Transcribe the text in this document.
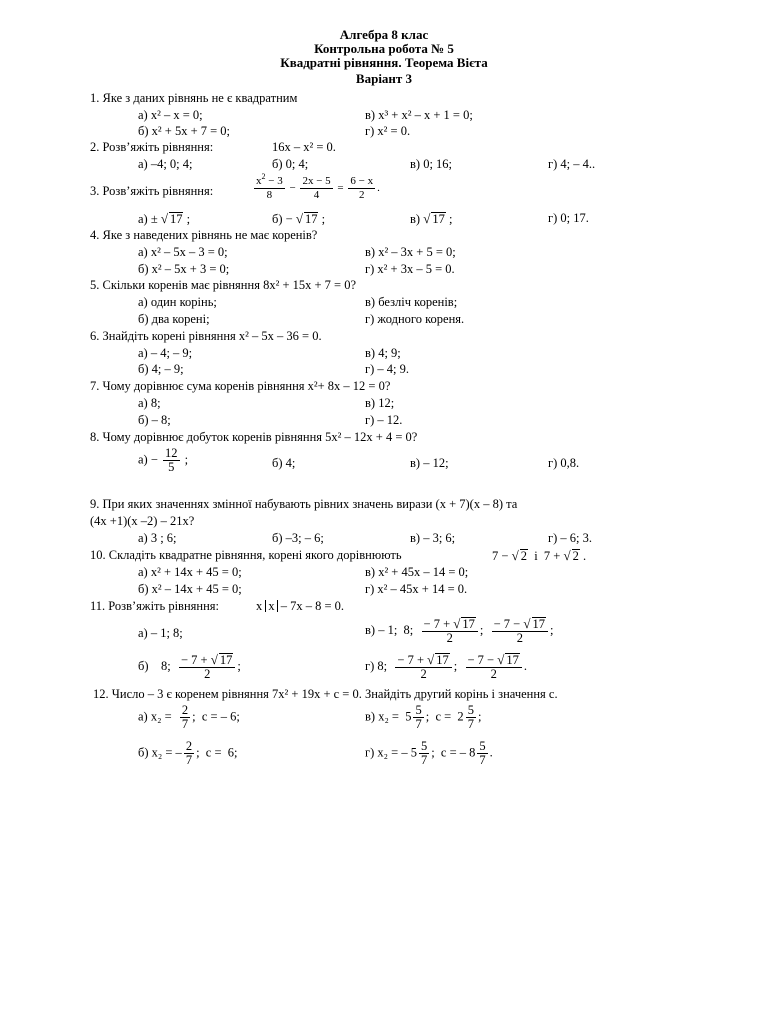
Алгебра 8 клас
Контрольна робота № 5
Квадратні рівняння. Теорема Вієта
Варіант 3
1. Яке з даних рівнянь не є квадратним
а) x² – x = 0;	в) x³ + x² – x + 1 = 0;
б) x² + 5x + 7 = 0;	г) x² = 0.
2. Розв’яжіть рівняння:	16x – x² = 0.
а) –4; 0; 4;	б) 0; 4;	в) 0; 16;	г) 4; – 4..
3. Розв’яжіть рівняння:	$\frac{x^2 - 3}{8} - \frac{2x - 5}{4} = \frac{6 - x}{2}$ .
а) ± √ 17 ;	б) − √ 17 ;	в) √ 17 ;	г) 0; 17.
4. Яке з наведених рівнянь не має коренів?
а) x² – 5x – 3 = 0;	в) x² – 3x + 5 = 0;
б) x² – 5x + 3 = 0;	г) x² + 3x – 5 = 0.
5. Скільки коренів має рівняння 8x² + 15x + 7 = 0?
а) один корінь;	в) безліч коренів;
б) два корені;	г) жодного кореня.
6. Знайдіть корені рівняння x² – 5x – 36 = 0.
а) – 4; – 9;	в) 4; 9;
б) 4; – 9;	г) – 4; 9.
7. Чому дорівнює сума коренів рівняння x²+ 8x – 12 = 0?
а) 8;	в) 12;
б) – 8;	г) – 12.
8. Чому дорівнює добуток коренів рівняння 5x² – 12x + 4 = 0?
$а) - \frac{12}{5}$ ;	б) 4;	в) – 12;	г) 0,8.
9. При яких значеннях змінної набувають рівних значень вирази (x + 7)(x – 8) та
(4x +1)(x –2) – 21x?
а) 3 ; 6;	б) –3; – 6;	в) – 3; 6;	г) – 6; 3.
10. Складіть квадратне рівняння, корені якого дорівнюють	7 − √ 2  і  7 + √ 2 .
а) x² + 14x + 45 = 0;	в) x² + 45x – 14 = 0;
б) x² – 14x + 45 = 0;	г) x² – 45x + 14 = 0.
11. Розв’яжіть рівняння:	x x – 7x – 8 = 0.
а) – 1; 8;	в) – 1;  8; $\frac{- 7 + √ 17}{2}$ ; $\frac{- 7 - √ 17}{2}$ ;
б)    8; $\frac{- 7 + √ 17}{2}$ ;	г) 8; $\frac{- 7 + √ 17}{2}$ ; $\frac{- 7 - √ 17}{2}$ .
12. Число – 3 є коренем рівняння 7x² + 19x + c = 0. Знайдіть другий корінь і значення с.
а) $x_2 = \frac{2}{7}$ ;  c = – 6;	в) $x_2 = 5 \frac{5}{7}$ ;  $c = 2 \frac{5}{7}$ ;
б) x₂ = – $\frac{2}{7}$ ;  c =  6;	г) x₂ = – $5 \frac{5}{7}$ ;  c = – $8 \frac{5}{7}$ .
